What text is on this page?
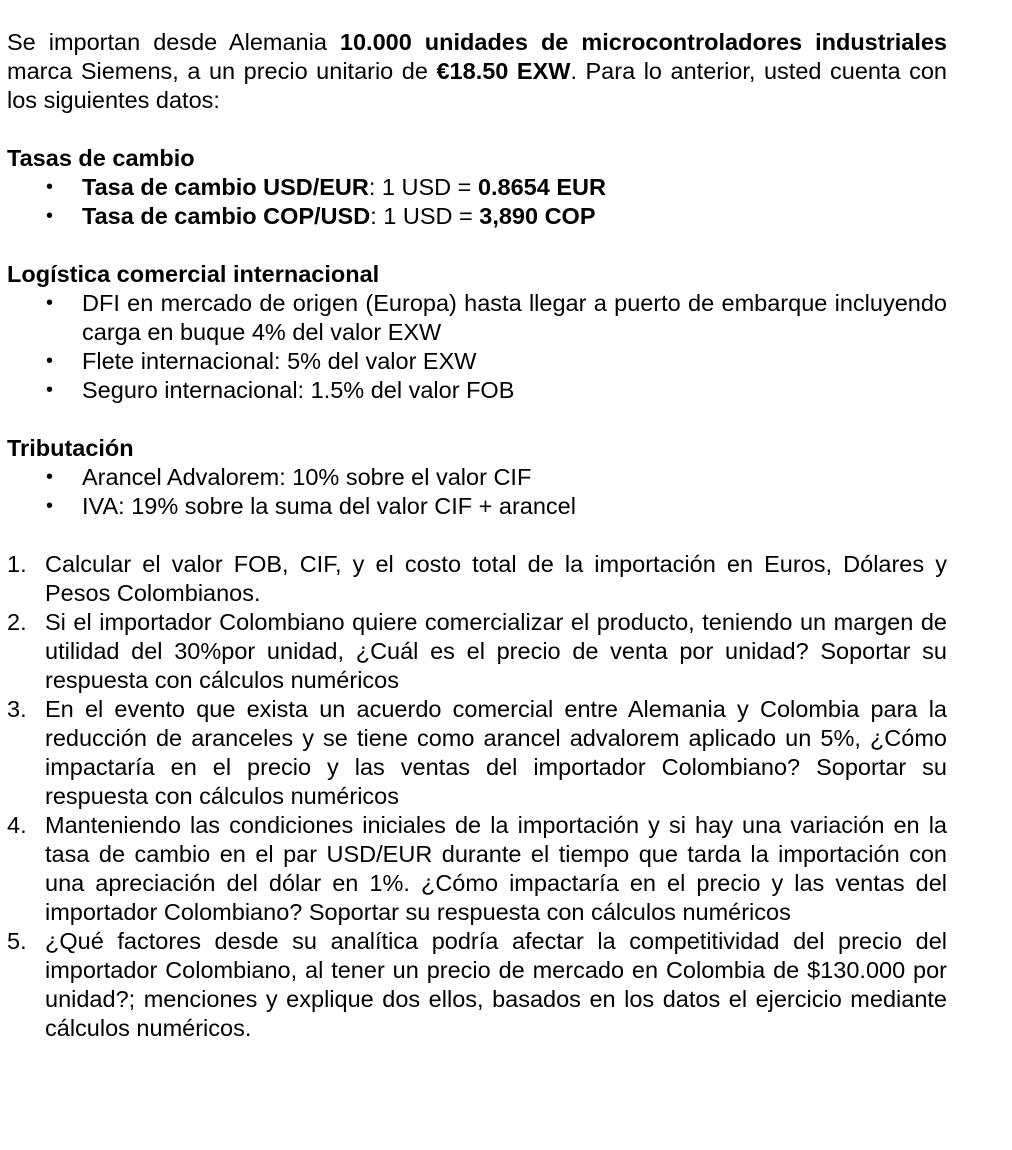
Se importan desde Alemania 10.000 unidades de microcontroladores industriales marca Siemens, a un precio unitario de €18.50 EXW. Para lo anterior, usted cuenta con los siguientes datos:

Tasas de cambio

• Tasa de cambio USD/EUR: 1 USD = 0.8654 EUR
• Tasa de cambio COP/USD: 1 USD = 3,890 COP

Logística comercial internacional

• DFI en mercado de origen (Europa) hasta llegar a puerto de embarque incluyendo carga en buque 4% del valor EXW
• Flete internacional: 5% del valor EXW
• Seguro internacional: 1.5% del valor FOB

Tributación

• Arancel Advalorem: 10% sobre el valor CIF
• IVA: 19% sobre la suma del valor CIF + arancel
1. Calcular el valor FOB, CIF, y el costo total de la importación en Euros, Dólares y Pesos Colombianos.
2. Si el importador Colombiano quiere comercializar el producto, teniendo un margen de utilidad del 30%por unidad, ¿Cuál es el precio de venta por unidad? Soportar su respuesta con cálculos numéricos
3. En el evento que exista un acuerdo comercial entre Alemania y Colombia para la reducción de aranceles y se tiene como arancel advalorem aplicado un 5%, ¿Cómo impactaría en el precio y las ventas del importador Colombiano? Soportar su respuesta con cálculos numéricos
4. Manteniendo las condiciones iniciales de la importación y si hay una variación en la tasa de cambio en el par USD/EUR durante el tiempo que tarda la importación con una apreciación del dólar en 1%. ¿Cómo impactaría en el precio y las ventas del importador Colombiano? Soportar su respuesta con cálculos numéricos
5. ¿Qué factores desde su analítica podría afectar la competitividad del precio del importador Colombiano, al tener un precio de mercado en Colombia de $130.000 por unidad?; menciones y explique dos ellos, basados en los datos el ejercicio mediante cálculos numéricos.
